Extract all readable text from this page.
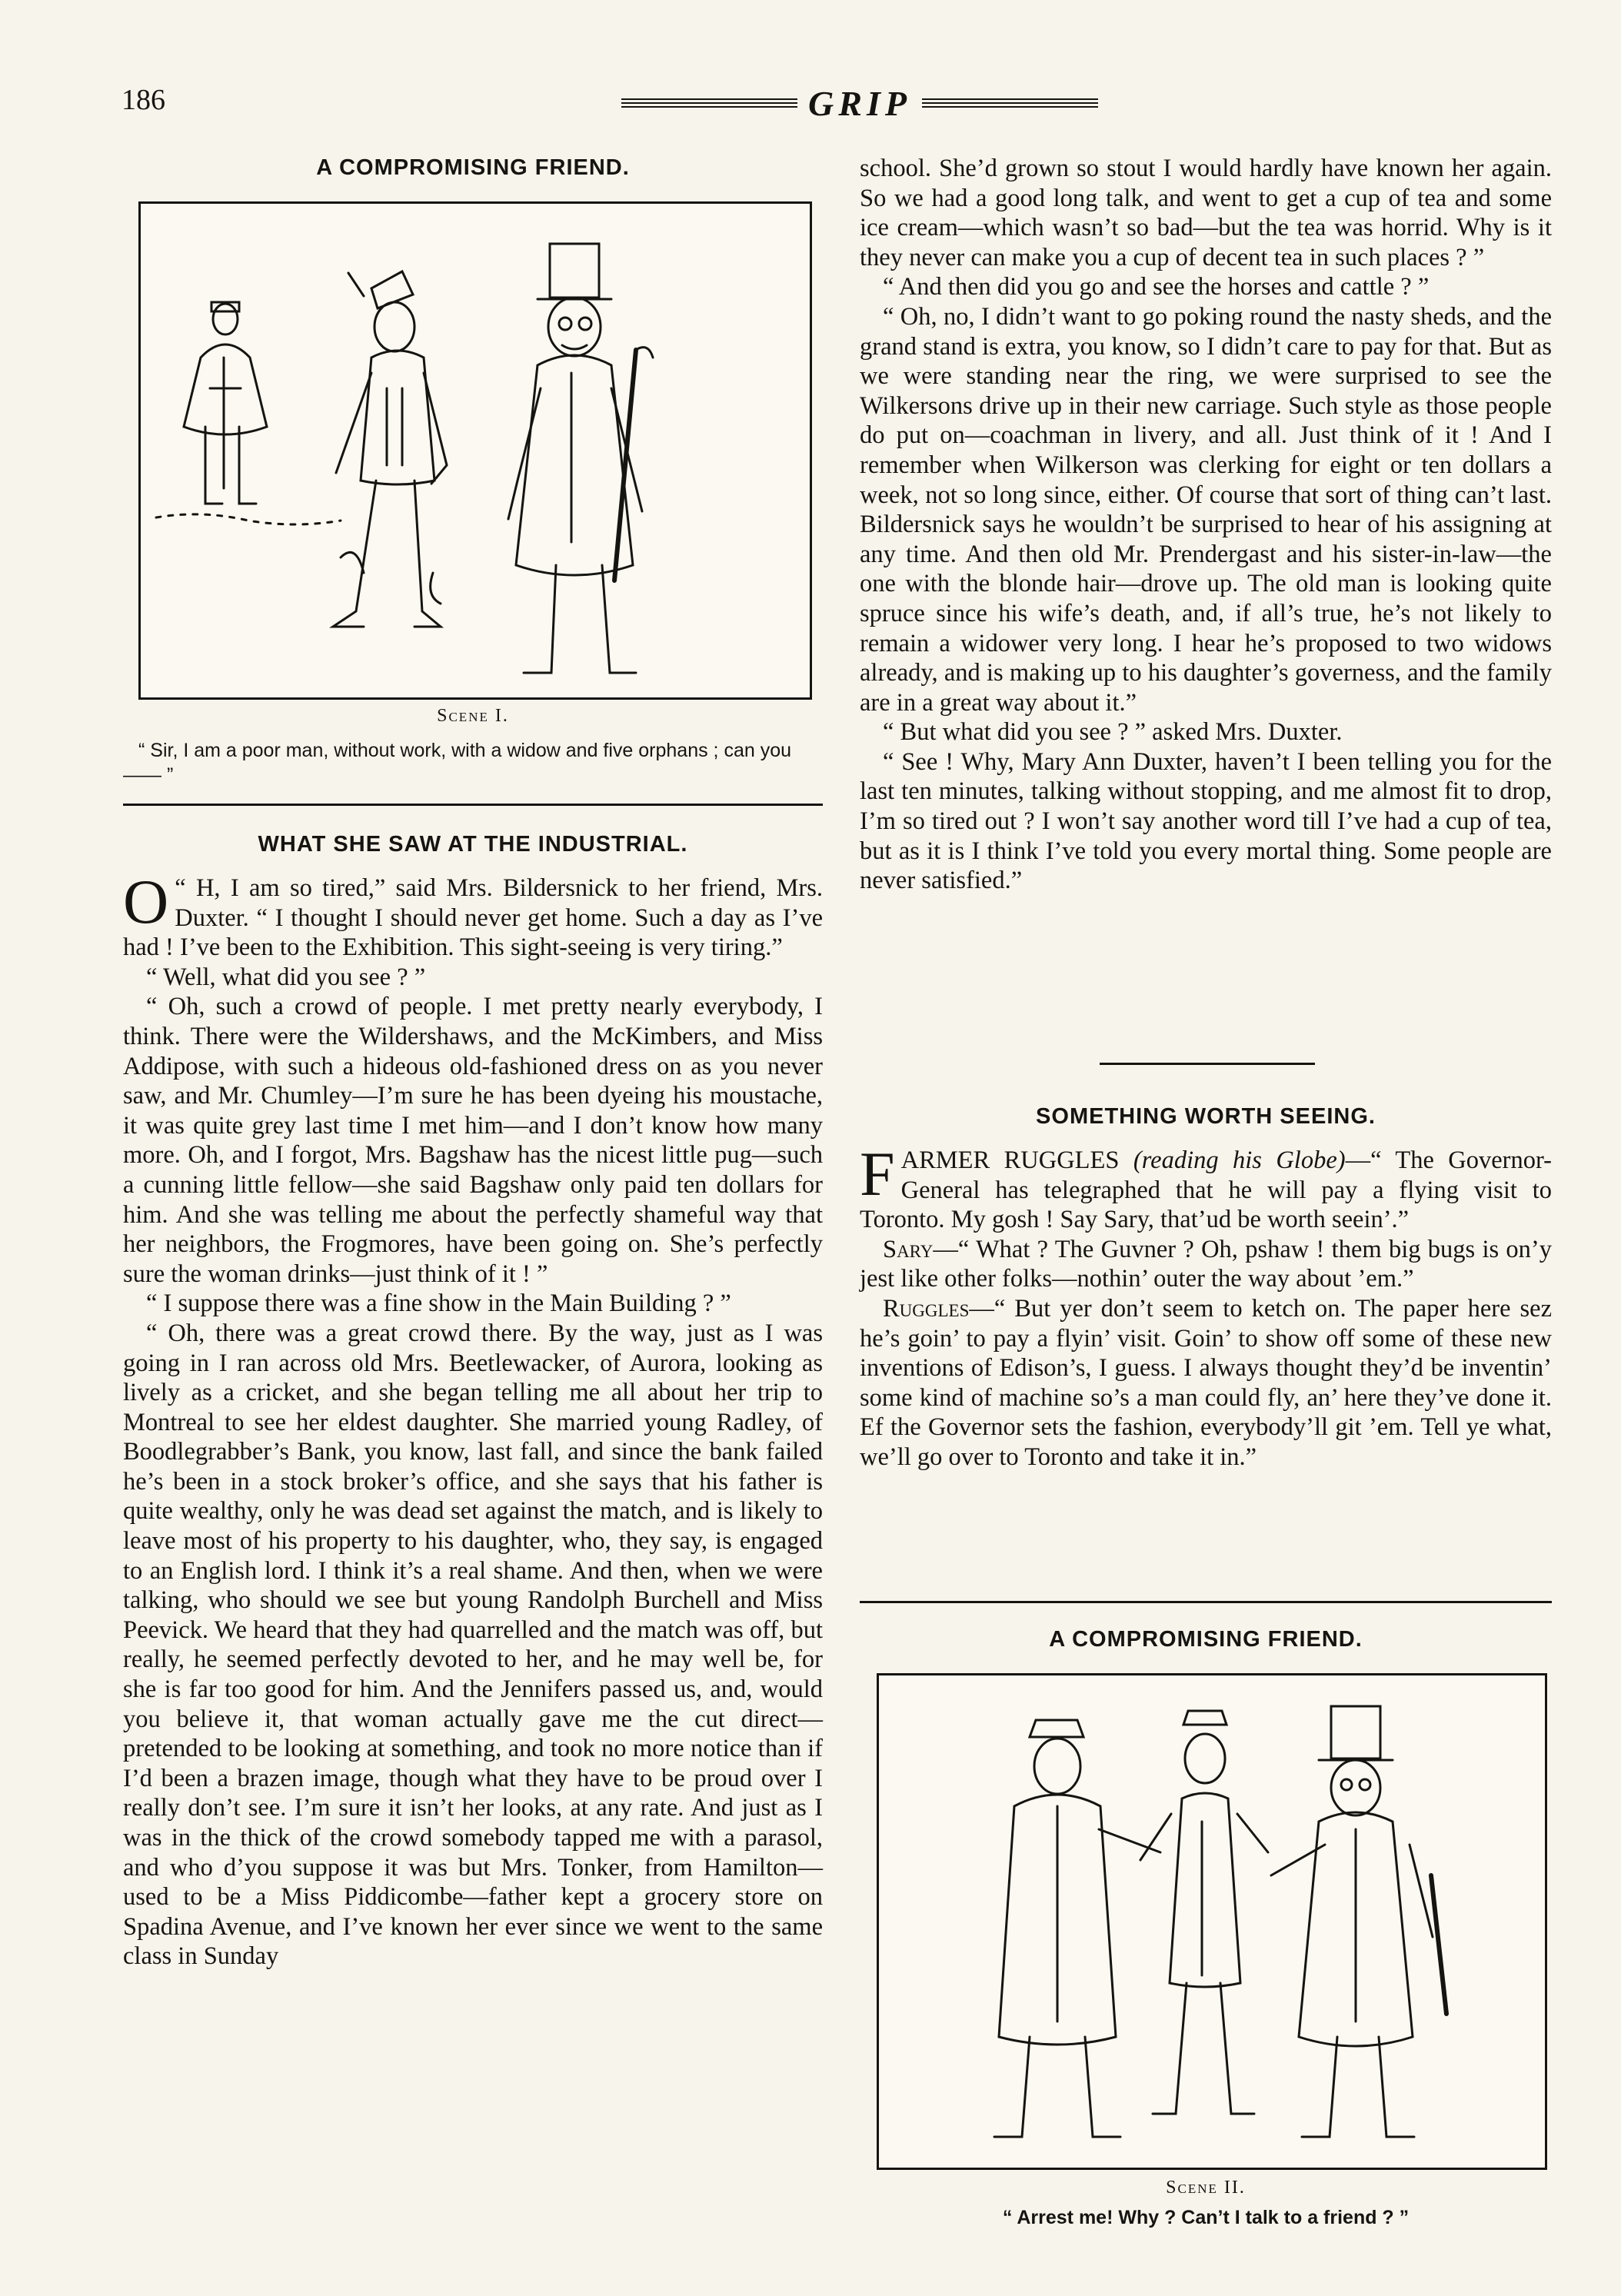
186	GRIP
A COMPROMISING FRIEND.
Scene I.
“ Sir, I am a poor man, without work, with a widow and five orphans ; can you —— ”
WHAT SHE SAW AT THE INDUSTRIAL.

“
O H, I am so tired,” said Mrs. Bildersnick to her friend, Mrs. Duxter. “ I thought I should never get home. Such a day as I’ve had ! I’ve been to the Exhibition. This sight-seeing is very tiring.”

“ Well, what did you see ? ”

“ Oh, such a crowd of people. I met pretty nearly everybody, I think. There were the Wildershaws, and the McKimbers, and Miss Addipose, with such a hideous old-fashioned dress on as you never saw, and Mr. Chumley—I’m sure he has been dyeing his moustache, it was quite grey last time I met him—and I don’t know how many more. Oh, and I forgot, Mrs. Bagshaw has the nicest little pug—such a cunning little fellow—she said Bagshaw only paid ten dollars for him. And she was telling me about the perfectly shameful way that her neighbors, the Frogmores, have been going on. She’s perfectly sure the woman drinks—just think of it ! ”

“ I suppose there was a fine show in the Main Building ? ”

“ Oh, there was a great crowd there. By the way, just as I was going in I ran across old Mrs. Beetlewacker, of Aurora, looking as lively as a cricket, and she began telling me all about her trip to Montreal to see her eldest daughter. She married young Radley, of Boodlegrabber’s Bank, you know, last fall, and since the bank failed he’s been in a stock broker’s office, and she says that his father is quite wealthy, only he was dead set against the match, and is likely to leave most of his property to his daughter, who, they say, is engaged to an English lord. I think it’s a real shame. And then, when we were talking, who should we see but young Randolph Burchell and Miss Peevick. We heard that they had quarrelled and the match was off, but really, he seemed perfectly devoted to her, and he may well be, for she is far too good for him. And the Jennifers passed us, and, would you believe it, that woman actually gave me the cut direct—pretended to be looking at something, and took no more notice than if I’d been a brazen image, though what they have to be proud over I really don’t see. I’m sure it isn’t her looks, at any rate. And just as I was in the thick of the crowd somebody tapped me with a parasol, and who d’you suppose it was but Mrs. Tonker, from Hamilton—used to be a Miss Piddicombe—father kept a grocery store on Spadina Avenue, and I’ve known her ever since we went to the same class in Sunday

school. She’d grown so stout I would hardly have known her again. So we had a good long talk, and went to get a cup of tea and some ice cream—which wasn’t so bad—but the tea was horrid. Why is it they never can make you a cup of decent tea in such places ? ”

“ And then did you go and see the horses and cattle ? ”

“ Oh, no, I didn’t want to go poking round the nasty sheds, and the grand stand is extra, you know, so I didn’t care to pay for that. But as we were standing near the ring, we were surprised to see the Wilkersons drive up in their new carriage. Such style as those people do put on—coachman in livery, and all. Just think of it ! And I remember when Wilkerson was clerking for eight or ten dollars a week, not so long since, either. Of course that sort of thing can’t last. Bildersnick says he wouldn’t be surprised to hear of his assigning at any time. And then old Mr. Prendergast and his sister-in-law—the one with the blonde hair—drove up. The old man is looking quite spruce since his wife’s death, and, if all’s true, he’s not likely to remain a widower very long. I hear he’s proposed to two widows already, and is making up to his daughter’s governess, and the family are in a great way about it.”

“ But what did you see ? ” asked Mrs. Duxter.

“ See ! Why, Mary Ann Duxter, haven’t I been telling you for the last ten minutes, talking without stopping, and me almost fit to drop, I’m so tired out ? I won’t say another word till I’ve had a cup of tea, but as it is I think I’ve told you every mortal thing. Some people are never satisfied.”

SOMETHING WORTH SEEING.

FARMER RUGGLES (reading his Globe)—“ The Governor-General has telegraphed that he will pay a flying visit to Toronto. My gosh ! Say Sary, that’ud be worth seein’.”

Sary—“ What ? The Guvner ? Oh, pshaw ! them big bugs is on’y jest like other folks—nothin’ outer the way about ’em.”

Ruggles—“ But yer don’t seem to ketch on. The paper here sez he’s goin’ to pay a flyin’ visit. Goin’ to show off some of these new inventions of Edison’s, I guess. I always thought they’d be inventin’ some kind of machine so’s a man could fly, an’ here they’ve done it. Ef the Governor sets the fashion, everybody’ll git ’em. Tell ye what, we’ll go over to Toronto and take it in.”

A COMPROMISING FRIEND.
Scene II.
“ Arrest me! Why ? Can’t I talk to a friend ? ”
